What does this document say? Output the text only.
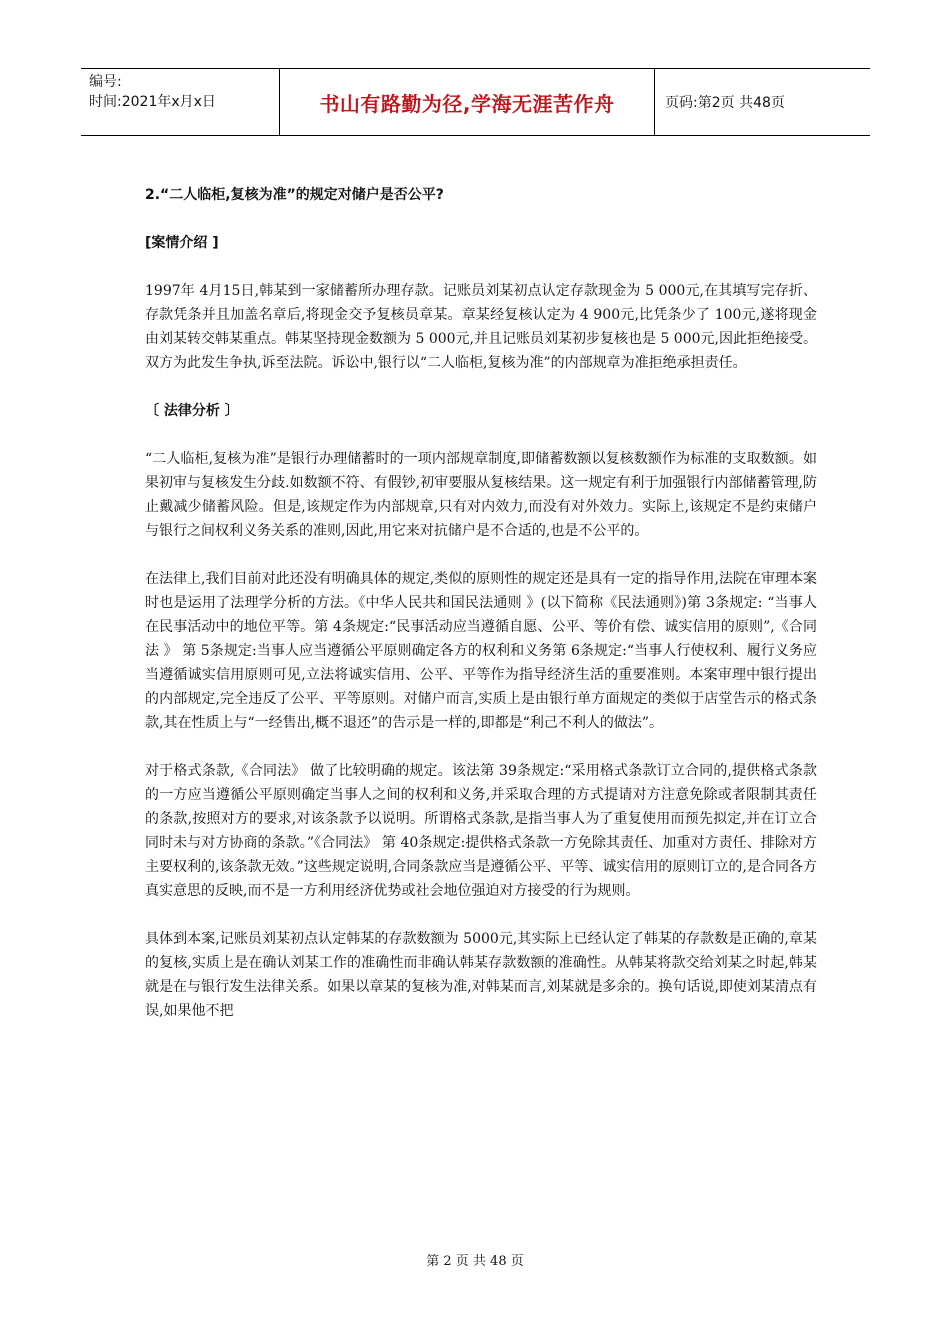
编号:
时间:2021年x月x日	书山有路勤为径,学海无涯苦作舟	页码:第2页 共48页

2.“二人临柜,复核为准”的规定对储户是否公平?

[案情介绍 ]

1997年 4月15日,韩某到一家储蓄所办理存款。记账员刘某初点认定存款现金为 5 000元,在其填写完存折、存款凭条并且加盖名章后,将现金交予复核员章某。章某经复核认定为 4 900元,比凭条少了 100元,遂将现金由刘某转交韩某重点。韩某坚持现金数额为 5 000元,并且记账员刘某初步复核也是 5 000元,因此拒绝接受。双方为此发生争执,诉至法院。诉讼中,银行以“二人临柜,复核为准”的内部规章为准拒绝承担责任。

〔 法律分析 〕

“二人临柜,复核为准”是银行办理储蓄时的一项内部规章制度,即储蓄数额以复核数额作为标准的支取数额。如果初审与复核发生分歧.如数额不符、有假钞,初审要服从复核结果。这一规定有利于加强银行内部储蓄管理,防止戴减少储蓄风险。但是,该规定作为内部规章,只有对内效力,而没有对外效力。实际上,该规定不是约束储户与银行之间权利义务关系的准则,因此,用它来对抗储户是不合适的,也是不公平的。

在法律上,我们目前对此还没有明确具体的规定,类似的原则性的规定还是具有一定的指导作用,法院在审理本案时也是运用了法理学分析的方法。《中华人民共和国民法通则 》(以下简称《民法通则》)第 3条规定: “当事人在民事活动中的地位平等。第 4条规定:“民事活动应当遵循自愿、公平、等价有偿、诚实信用的原则”,《合同法 》 第 5条规定:当事人应当遵循公平原则确定各方的权利和义务第 6条规定:“当事人行使权利、履行义务应当遵循诚实信用原则可见,立法将诚实信用、公平、平等作为指导经济生活的重要准则。本案审理中银行提出的内部规定,完全违反了公平、平等原则。对储户而言,实质上是由银行单方面规定的类似于店堂告示的格式条款,其在性质上与“一经售出,概不退还”的告示是一样的,即都是“利己不利人的做法”。

对于格式条款,《合同法》 做了比较明确的规定。该法第 39条规定:“采用格式条款订立合同的,提供格式条款的一方应当遵循公平原则确定当事人之间的权利和义务,并采取合理的方式提请对方注意免除或者限制其责任的条款,按照对方的要求,对该条款予以说明。所谓格式条款,是指当事人为了重复使用而预先拟定,并在订立合同时未与对方协商的条款。”《合同法》 第 40条规定:提供格式条款一方免除其责任、加重对方责任、排除对方主要权利的,该条款无效。”这些规定说明,合同条款应当是遵循公平、平等、诚实信用的原则订立的,是合同各方真实意思的反映,而不是一方利用经济优势或社会地位强迫对方接受的行为规则。

具体到本案,记账员刘某初点认定韩某的存款数额为 5000元,其实际上已经认定了韩某的存款数是正确的,章某的复核,实质上是在确认刘某工作的准确性而非确认韩某存款数额的准确性。从韩某将款交给刘某之时起,韩某就是在与银行发生法律关系。如果以章某的复核为准,对韩某而言,刘某就是多余的。换句话说,即使刘某清点有误,如果他不把

第 2 页 共 48 页
